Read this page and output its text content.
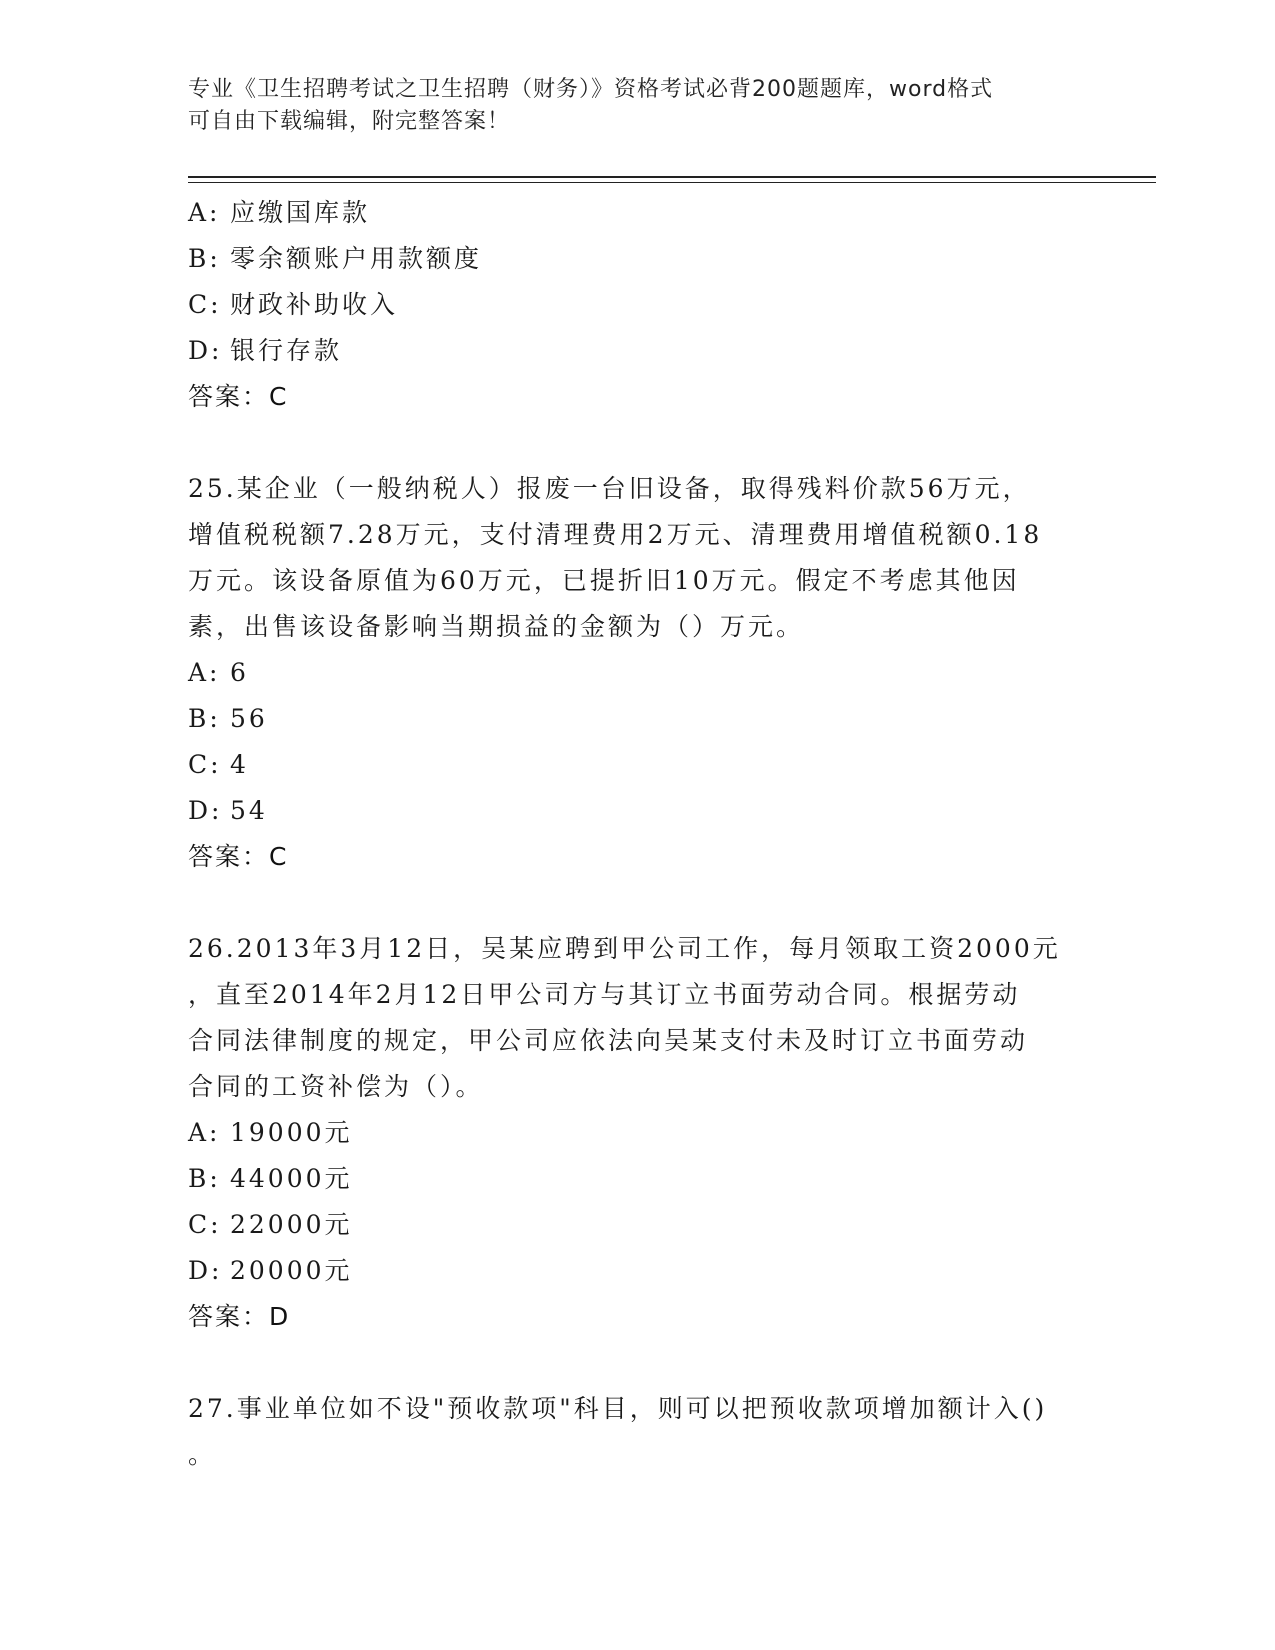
专业《卫生招聘考试之卫生招聘（财务）》资格考试必背200题题库，word格式
可自由下载编辑，附完整答案！
A: 应缴国库款
B: 零余额账户用款额度
C: 财政补助收入
D: 银行存款
答案：C
25.某企业（一般纳税人）报废一台旧设备，取得残料价款56万元，
增值税税额7.28万元，支付清理费用2万元、清理费用增值税额0.18
万元。该设备原值为60万元，已提折旧10万元。假定不考虑其他因
素，出售该设备影响当期损益的金额为（）万元。
A: 6
B: 56
C: 4
D: 54
答案：C
26.2013年3月12日，吴某应聘到甲公司工作，每月领取工资2000元
，直至2014年2月12日甲公司方与其订立书面劳动合同。根据劳动
合同法律制度的规定，甲公司应依法向吴某支付未及时订立书面劳动
合同的工资补偿为（）。
A: 19000元
B: 44000元
C: 22000元
D: 20000元
答案：D
27.事业单位如不设"预收款项"科目，则可以把预收款项增加额计入()
。
